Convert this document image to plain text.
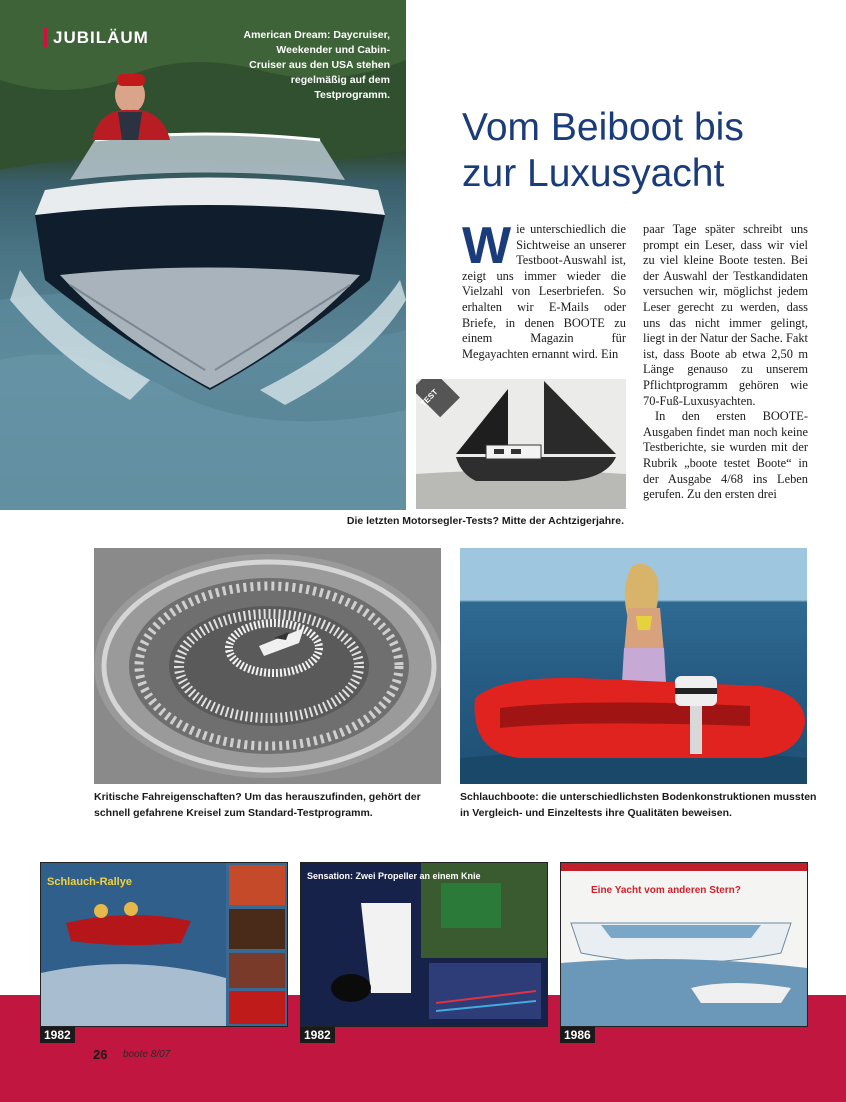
JUBILÄUM	American Dream: Daycruiser, Weekender und Cabin-Cruiser aus den USA stehen regelmäßig auf dem Testprogramm.
Vom Beiboot bis
zur Luxusyacht
W ie unterschiedlich die Sichtweise an unserer Testboot-Auswahl ist, zeigt uns immer wieder die Vielzahl von Leserbriefen. So erhalten wir E-Mails oder Briefe, in denen BOOTE zu einem Magazin für Megayachten ernannt wird. Ein
paar Tage später schreibt uns prompt ein Leser, dass wir viel zu viel kleine Boote testen. Bei der Auswahl der Testkandidaten versuchen wir, möglichst jedem Leser gerecht zu werden, dass uns das nicht immer gelingt, liegt in der Natur der Sache. Fakt ist, dass Boote ab etwa 2,50 m Länge genauso zu unserem Pflichtprogramm gehören wie 70-Fuß-Luxusyachten.
In den ersten BOOTE-Ausgaben findet man noch keine Testberichte, sie wurden mit der Rubrik „boote testet Boote“ in der Ausgabe 4/68 ins Leben gerufen. Zu den ersten drei
TEST
Die letzten Motorsegler-Tests? Mitte der Achtzigerjahre.
Kritische Fahreigenschaften? Um das herauszufinden, gehört der schnell gefahrene Kreisel zum Standard-Testprogramm.
Schlauchboote: die unterschiedlichsten Bodenkonstruktionen mussten in Vergleich- und Einzeltests ihre Qualitäten beweisen.
Schlauch-Rallye	Sensation: Zwei Propeller an einem Knie
Eine Yacht vom anderen Stern?
1982	1982	1986
26 boote 8/07
